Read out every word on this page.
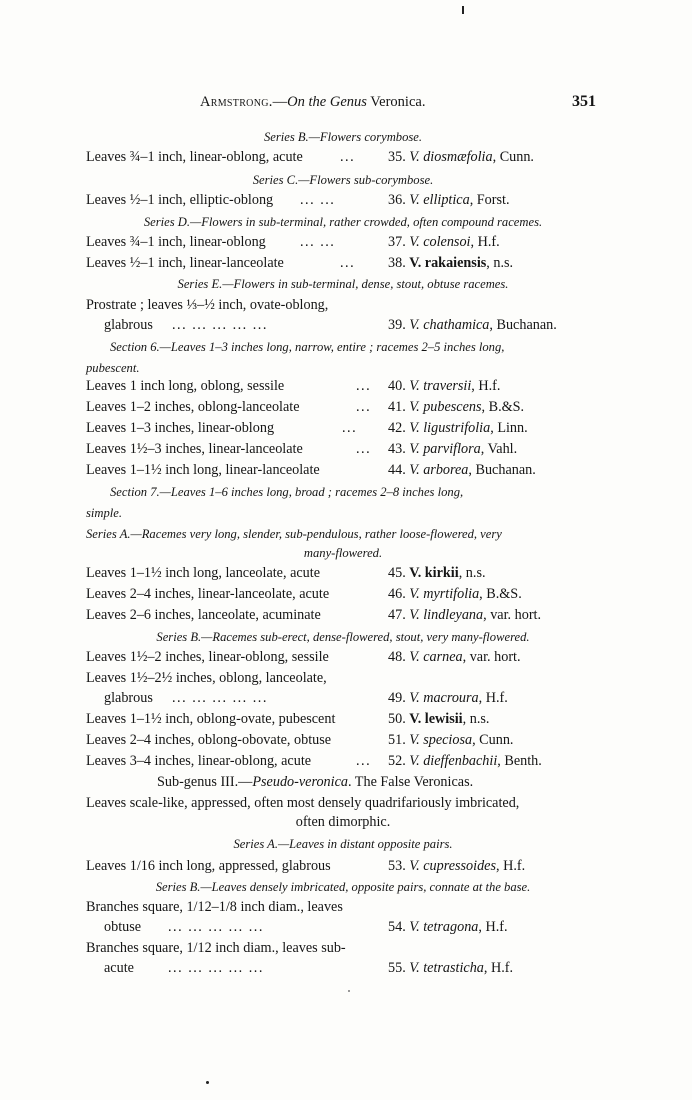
Armstrong.—On the Genus Veronica.	351
Series B.—Flowers corymbose.
Leaves ¾–1 inch, linear-oblong, acute	... 35. V. diosmæfolia, Cunn.
Series C.—Flowers sub-corymbose.
Leaves ½–1 inch, elliptic-oblong ... ...	36. V. elliptica, Forst.
Series D.—Flowers in sub-terminal, rather crowded, often compound racemes.
Leaves ¾–1 inch, linear-oblong ... ...	37. V. colensoi, H.f.
Leaves ½–1 inch, linear-lanceolate	... 38. V. rakaiensis, n.s.
Series E.—Flowers in sub-terminal, dense, stout, obtuse racemes.
Prostrate ; leaves ⅓–½ inch, ovate-oblong,
glabrous ... ... ... ... ...	39. V. chathamica, Buchanan.
Section 6.—Leaves 1–3 inches long, narrow, entire ; racemes 2–5 inches long,
pubescent.
Leaves 1 inch long, oblong, sessile	... 40. V. traversii, H.f.
Leaves 1–2 inches, oblong-lanceolate	... 41. V. pubescens, B.&S.
Leaves 1–3 inches, linear-oblong	... 42. V. ligustrifolia, Linn.
Leaves 1½–3 inches, linear-lanceolate	... 43. V. parviflora, Vahl.
Leaves 1–1½ inch long, linear-lanceolate	44. V. arborea, Buchanan.
Section 7.—Leaves 1–6 inches long, broad ; racemes 2–8 inches long,
simple.
Series A.—Racemes very long, slender, sub-pendulous, rather loose-flowered, very
many-flowered.
Leaves 1–1½ inch long, lanceolate, acute	45. V. kirkii, n.s.
Leaves 2–4 inches, linear-lanceolate, acute	46. V. myrtifolia, B.&S.
Leaves 2–6 inches, lanceolate, acuminate	47. V. lindleyana, var. hort.
Series B.—Racemes sub-erect, dense-flowered, stout, very many-flowered.
Leaves 1½–2 inches, linear-oblong, sessile	48. V. carnea, var. hort.
Leaves 1½–2½ inches, oblong, lanceolate,
glabrous ... ... ... ... ...	49. V. macroura, H.f.
Leaves 1–1½ inch, oblong-ovate, pubescent	50. V. lewisii, n.s.
Leaves 2–4 inches, oblong-obovate, obtuse	51. V. speciosa, Cunn.
Leaves 3–4 inches, linear-oblong, acute	... 52. V. dieffenbachii, Benth.
Sub-genus III.—Pseudo-veronica. The False Veronicas.
Leaves scale-like, appressed, often most densely quadrifariously imbricated,
often dimorphic.
Series A.—Leaves in distant opposite pairs.
Leaves 1/16 inch long, appressed, glabrous	53. V. cupressoides, H.f.
Series B.—Leaves densely imbricated, opposite pairs, connate at the base.
Branches square, 1/12–1/8 inch diam., leaves
obtuse ... ... ... ... ...	54. V. tetragona, H.f.
Branches square, 1/12 inch diam., leaves sub-
acute ... ... ... ... ...	55. V. tetrasticha, H.f.
